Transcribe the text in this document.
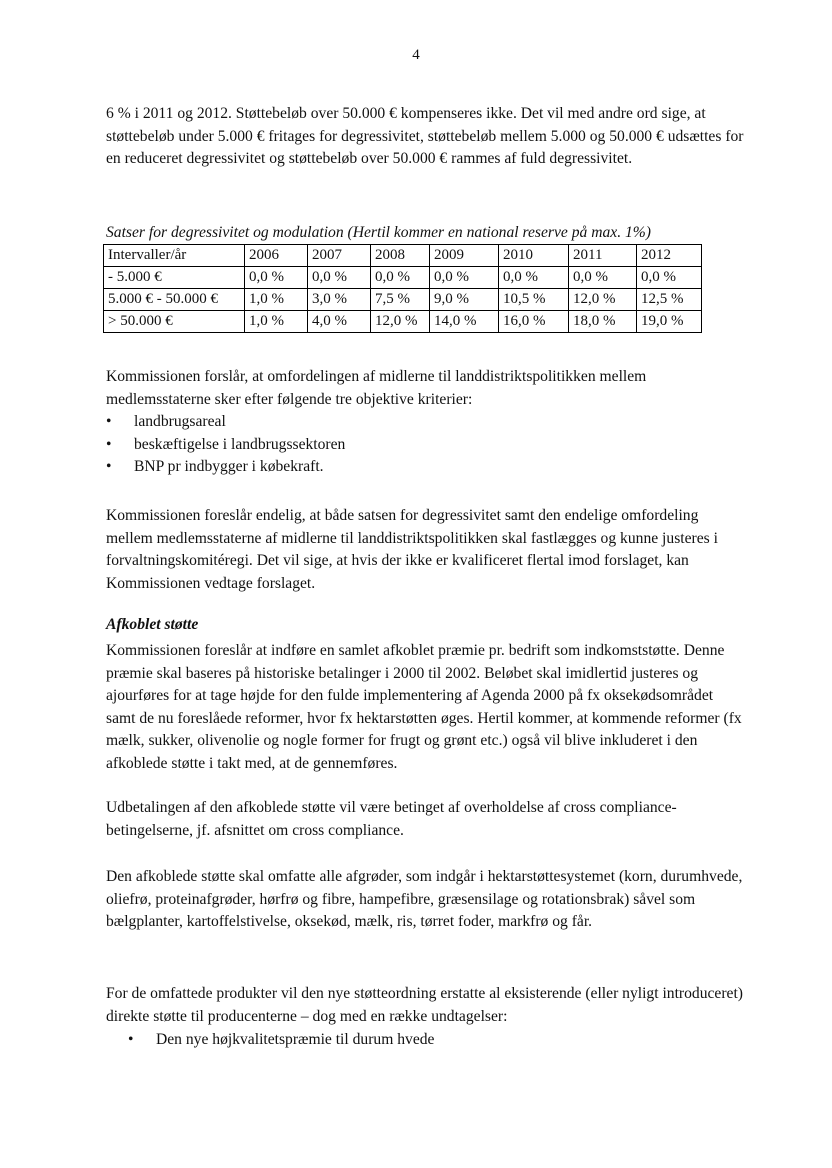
4

6 % i 2011 og 2012. Støttebeløb over 50.000 € kompenseres ikke. Det vil med andre ord sige, at støttebeløb under 5.000 € fritages for degressivitet, støttebeløb mellem 5.000 og 50.000 € udsættes for en reduceret degressivitet og støttebeløb over 50.000 € rammes af fuld degressivitet.

Satser for degressivitet og modulation (Hertil kommer en national reserve på max. 1%)

Intervaller/år	2006	2007	2008	2009	2010	2011	2012
- 5.000 €	0,0 %	0,0 %	0,0 %	0,0 %	0,0 %	0,0 %	0,0 %
5.000 € - 50.000 €	1,0 %	3,0 %	7,5 %	9,0 %	10,5 %	12,0 %	12,5 %
> 50.000 €	1,0 %	4,0 %	12,0 %	14,0 %	16,0 %	18,0 %	19,0 %

Kommissionen forslår, at omfordelingen af midlerne til landdistriktspolitikken mellem medlemsstaterne sker efter følgende tre objektive kriterier:

• landbrugsareal
• beskæftigelse i landbrugssektoren
• BNP pr indbygger i købekraft.

Kommissionen foreslår endelig, at både satsen for degressivitet samt den endelige omfordeling mellem medlemsstaterne af midlerne til landdistriktspolitikken skal fastlægges og kunne justeres i forvaltningskomitéregi. Det vil sige, at hvis der ikke er kvalificeret flertal imod forslaget, kan Kommissionen vedtage forslaget.

Afkoblet støtte

Kommissionen foreslår at indføre en samlet afkoblet præmie pr. bedrift som indkomststøtte. Denne præmie skal baseres på historiske betalinger i 2000 til 2002. Beløbet skal imidlertid justeres og ajourføres for at tage højde for den fulde implementering af Agenda 2000 på fx oksekødsområdet samt de nu foreslåede reformer, hvor fx hektarstøtten øges. Hertil kommer, at kommende reformer (fx mælk, sukker, olivenolie og nogle former for frugt og grønt etc.) også vil blive inkluderet i den afkoblede støtte i takt med, at de gennemføres.

Udbetalingen af den afkoblede støtte vil være betinget af overholdelse af cross compliance-betingelserne, jf. afsnittet om cross compliance.

Den afkoblede støtte skal omfatte alle afgrøder, som indgår i hektarstøttesystemet (korn, durumhvede, oliefrø, proteinafgrøder, hørfrø og fibre, hampefibre, græsensilage og rotationsbrak) såvel som bælgplanter, kartoffelstivelse, oksekød, mælk, ris, tørret foder, markfrø og får.

For de omfattede produkter vil den nye støtteordning erstatte al eksisterende (eller nyligt introduceret) direkte støtte til producenterne – dog med en række undtagelser:

• Den nye højkvalitetspræmie til durum hvede
